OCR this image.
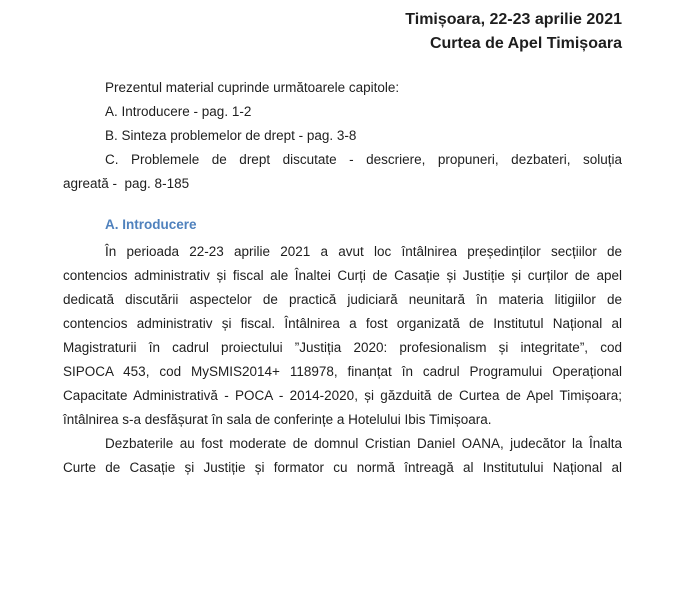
Timișoara, 22-23 aprilie 2021
Curtea de Apel Timișoara
Prezentul material cuprinde următoarele capitole:
A. Introducere - pag. 1-2
B. Sinteza problemelor de drept - pag. 3-8
C. Problemele de drept discutate - descriere, propuneri, dezbateri, soluția
agreată -  pag. 8-185
A. Introducere
În perioada 22-23 aprilie 2021 a avut loc întâlnirea președinților secțiilor de
contencios administrativ și fiscal ale Înaltei Curți de Casație și Justiție și curților de apel
dedicată discutării aspectelor de practică judiciară neunitară în materia litigiilor de
contencios administrativ și fiscal. Întâlnirea a fost organizată de Institutul Național al
Magistraturii în cadrul proiectului ”Justiția 2020: profesionalism și integritate”, cod
SIPOCA 453, cod MySMIS2014+ 118978, finanțat în cadrul Programului Operațional
Capacitate Administrativă - POCA - 2014-2020, și găzduită de Curtea de Apel Timișoara;
întâlnirea s-a desfășurat în sala de conferințe a Hotelului Ibis Timișoara.
Dezbaterile au fost moderate de domnul Cristian Daniel OANA, judecător la Înalta
Curte de Casație și Justiție și formator cu normă întreagă al Institutului Național al
